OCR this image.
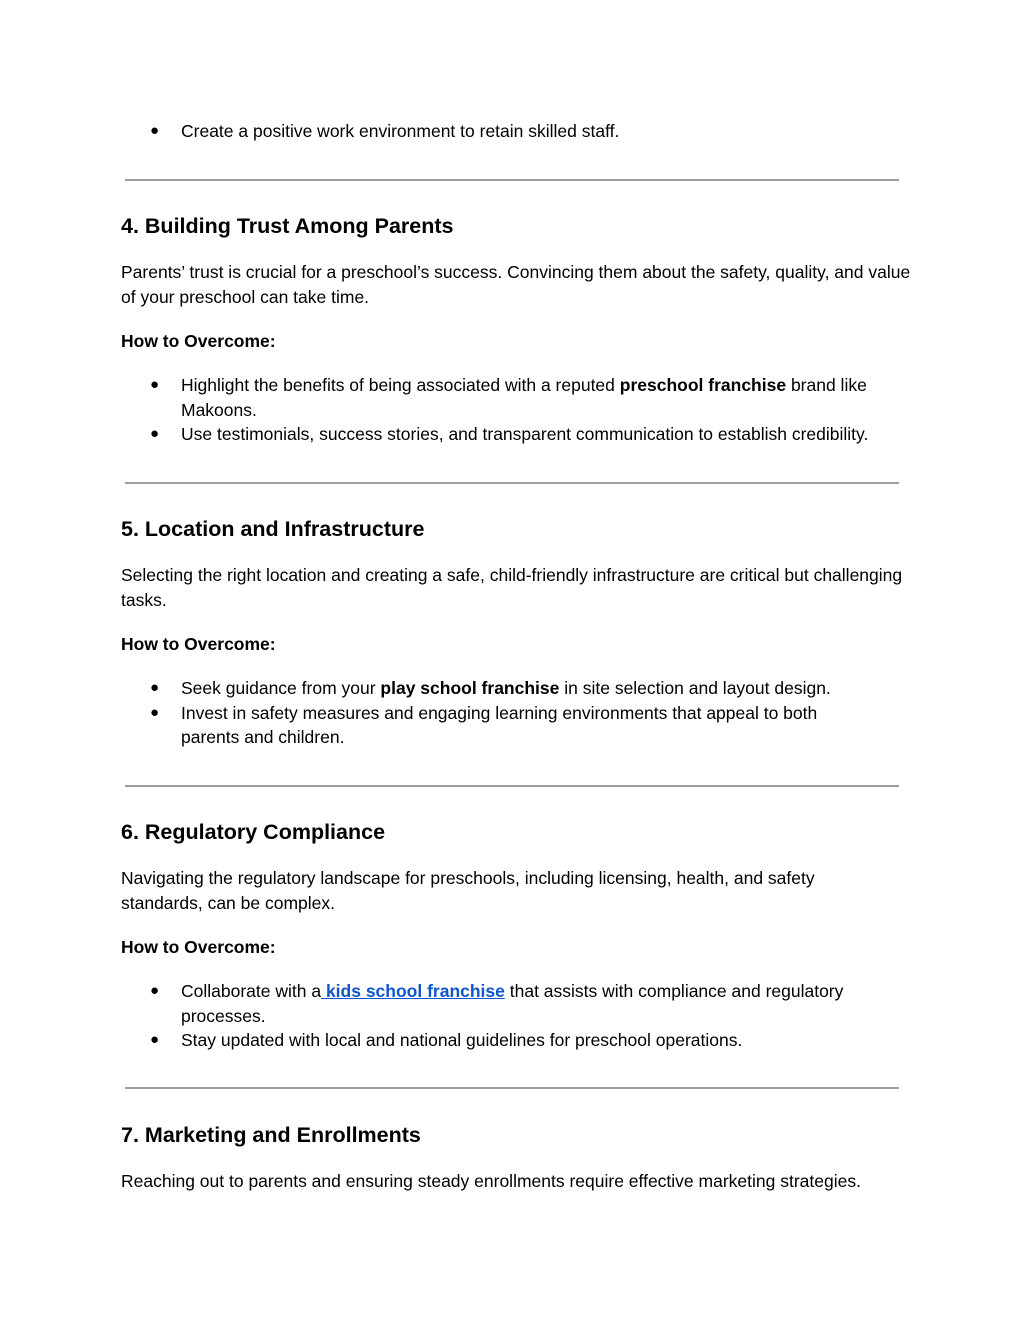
● Create a positive work environment to retain skilled staff.
4. Building Trust Among Parents

Parents’ trust is crucial for a preschool’s success. Convincing them about the safety, quality, and value of your preschool can take time.

How to Overcome:

● Highlight the benefits of being associated with a reputed preschool franchise brand like Makoons.
● Use testimonials, success stories, and transparent communication to establish credibility.
5. Location and Infrastructure

Selecting the right location and creating a safe, child-friendly infrastructure are critical but challenging tasks.

How to Overcome:

● Seek guidance from your play school franchise in site selection and layout design.
● Invest in safety measures and engaging learning environments that appeal to both parents and children.
6. Regulatory Compliance

Navigating the regulatory landscape for preschools, including licensing, health, and safety standards, can be complex.

How to Overcome:

● Collaborate with a kids school franchise that assists with compliance and regulatory processes.
● Stay updated with local and national guidelines for preschool operations.
7. Marketing and Enrollments

Reaching out to parents and ensuring steady enrollments require effective marketing strategies.
